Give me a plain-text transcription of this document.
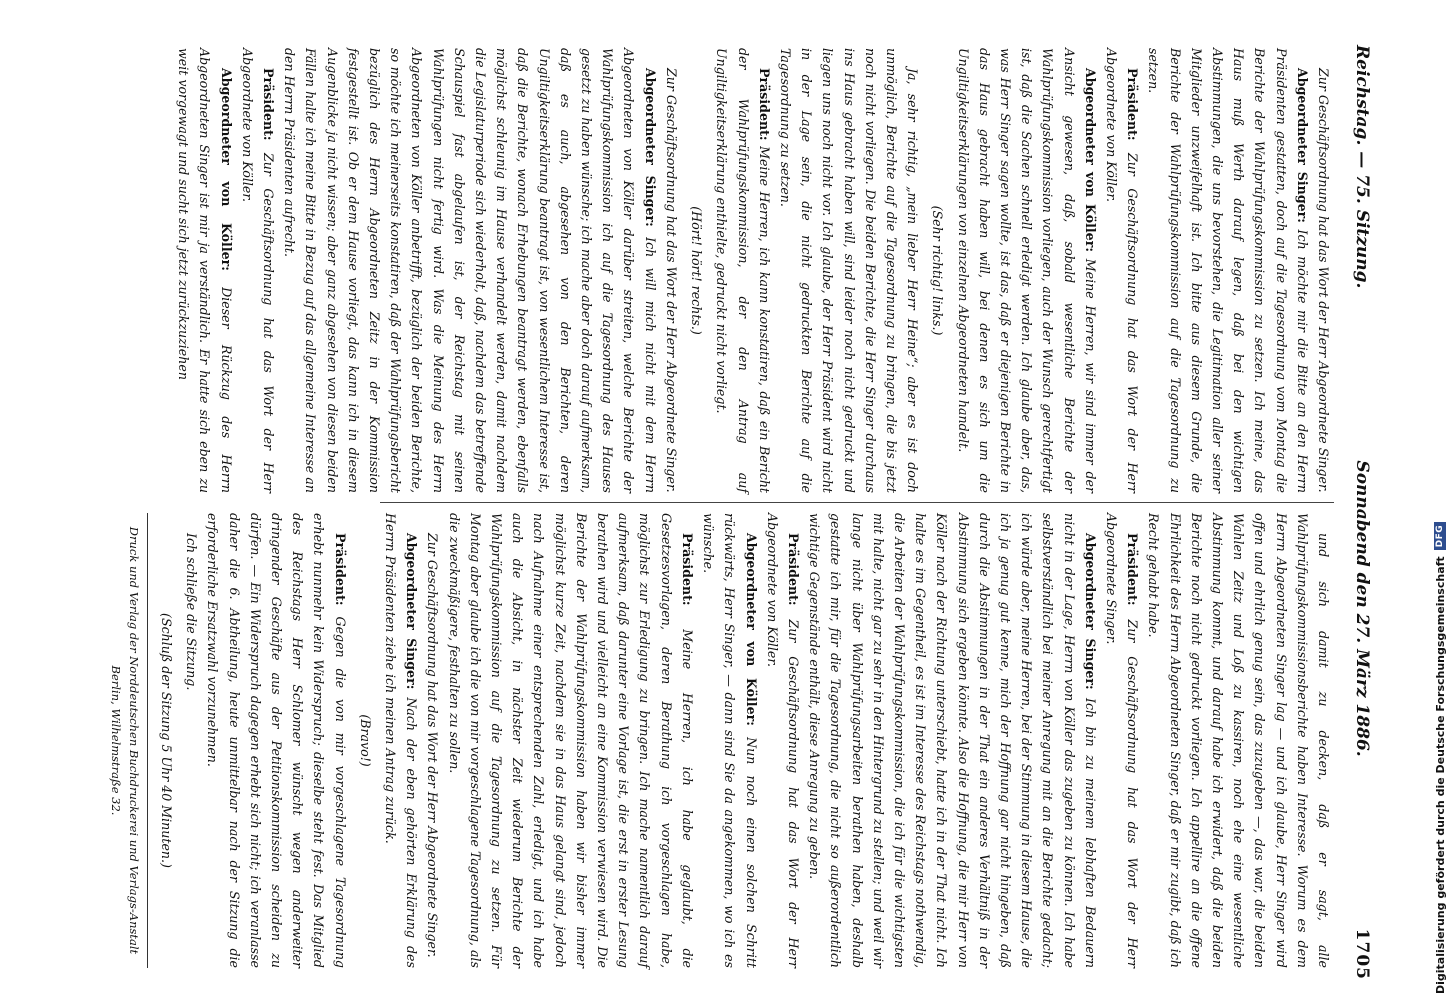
Reichstag. — 75. Sitzung.
Sonnabend den 27. März 1886.
1705

Zur Geschäftsordnung hat das Wort der Herr Abgeordnete Singer.

Abgeordneter Singer: Ich möchte mir die Bitte an den Herrn Präsidenten gestatten, doch auf die Tagesordnung vom Montag die Berichte der Wahlprüfungskommission zu setzen. Ich meine, das Haus muß Werth darauf legen, daß bei den wichtigen Abstimmungen, die uns bevorstehen, die Legitimation aller seiner Mitglieder unzweifelhaft ist. Ich bitte aus diesem Grunde, die Berichte der Wahlprüfungskommission auf die Tagesordnung zu setzen.

Präsident: Zur Geschäftsordnung hat das Wort der Herr Abgeordnete von Köller.

Abgeordneter von Köller: Meine Herren, wir sind immer der Ansicht gewesen, daß, sobald wesentliche Berichte der Wahlprüfungskommission vorliegen, auch der Wunsch gerechtfertigt ist, daß die Sachen schnell erledigt werden. Ich glaube aber, das, was Herr Singer sagen wollte, ist das, daß er diejenigen Berichte in das Haus gebracht haben will, bei denen es sich um die Ungiltigkeitserklärungen von einzelnen Abgeordneten handelt.

(Sehr richtig! links.)

Ja, sehr richtig, „mein lieber Herr Heine“; aber es ist doch unmöglich, Berichte auf die Tagesordnung zu bringen, die bis jetzt noch nicht vorliegen. Die beiden Berichte, die Herr Singer durchaus ins Haus gebracht haben will, sind leider noch nicht gedruckt und liegen uns noch nicht vor. Ich glaube, der Herr Präsident wird nicht in der Lage sein, die nicht gedruckten Berichte auf die Tagesordnung zu setzen.

Präsident: Meine Herren, ich kann konstatiren, daß ein Bericht der Wahlprüfungskommission, der den Antrag auf Ungiltigkeitserklärung enthielte, gedruckt nicht vorliegt.

(Hört! hört! rechts.)

Zur Geschäftsordnung hat das Wort der Herr Abgeordnete Singer.

Abgeordneter Singer: Ich will mich nicht mit dem Herrn Abgeordneten von Köller darüber streiten, welche Berichte der Wahlprüfungskommission ich auf die Tagesordnung des Hauses gesetzt zu haben wünsche; ich mache aber doch darauf aufmerksam, daß es auch, abgesehen von den Berichten, deren Ungiltigkeitserklärung beantragt ist, von wesentlichem Interesse ist, daß die Berichte, wonach Erhebungen beantragt werden, ebenfalls möglichst schleunig im Hause verhandelt werden, damit nachdem die Legislaturperiode sich wiederholt, daß, nachdem das betreffende Schauspiel fast abgelaufen ist, der Reichstag mit seinen Wahlprüfungen nicht fertig wird. Was die Meinung des Herrn Abgeordneten von Köller anbetrifft, bezüglich der beiden Berichte, so möchte ich meinerseits konstatiren, daß der Wahlprüfungsbericht bezüglich des Herrn Abgeordneten Zeitz in der Kommission festgestellt ist. Ob er dem Hause vorliegt, das kann ich in diesem Augenblicke ja nicht wissen; aber ganz abgesehen von diesen beiden Fällen halte ich meine Bitte in Bezug auf das allgemeine Interesse an den Herrn Präsidenten aufrecht.

Präsident: Zur Geschäftsordnung hat das Wort der Herr Abgeordnete von Köller.

Abgeordneter von Köller: Dieser Rückzug des Herrn Abgeordneten Singer ist mir ja verständlich. Er hatte sich eben zu weit vorgewagt und sucht sich jetzt zurückzuziehen

und sich damit zu decken, daß er sagt, alle Wahlprüfungskommissionsberichte haben Interesse. Worum es dem Herrn Abgeordneten Singer lag — und ich glaube, Herr Singer wird offen und ehrlich genug sein, das zuzugeben —, das war, die beiden Wahlen Zeitz und Loß zu kassiren, noch ehe eine wesentliche Abstimmung kommt, und darauf habe ich erwidert, daß die beiden Berichte noch nicht gedruckt vorliegen. Ich appellire an die offene Ehrlichkeit des Herrn Abgeordneten Singer, daß er mir zugibt, daß ich Recht gehabt habe.

Präsident: Zur Geschäftsordnung hat das Wort der Herr Abgeordnete Singer.

Abgeordneter Singer: Ich bin zu meinem lebhaften Bedauern nicht in der Lage, Herrn von Köller das zugeben zu können. Ich habe selbstverständlich bei meiner Anregung mit an die Berichte gedacht; ich würde aber, meine Herren, bei der Stimmung in diesem Hause, die ich ja genug gut kenne, mich der Hoffnung gar nicht hingeben, daß durch die Abstimmungen in der That ein anderes Verhältniß in der Abstimmung sich ergeben könnte. Also die Hoffnung, die mir Herr von Köller nach der Richtung unterschiebt, hatte ich in der That nicht. Ich halte es im Gegentheil, es ist im Interesse des Reichstags nothwendig, die Arbeiten der Wahlprüfungskommission, die ich für die wichtigsten mit halte, nicht gar zu sehr in den Hintergrund zu stellen; und weil wir lange nicht über Wahlprüfungsarbeiten berathen haben, deshalb gestatte ich mir, für die Tagesordnung, die nicht so außerordentlich wichtige Gegenstände enthält, diese Anregung zu geben.

Präsident: Zur Geschäftsordnung hat das Wort der Herr Abgeordnete von Köller.

Abgeordneter von Köller: Nun noch einen solchen Schritt rückwärts, Herr Singer, — dann sind Sie da angekommen, wo ich es wünsche.

Präsident: Meine Herren, ich habe geglaubt, die Gesetzesvorlagen, deren Berathung ich vorgeschlagen habe, möglichst zur Erledigung zu bringen. Ich mache namentlich darauf aufmerksam, daß darunter eine Vorlage ist, die erst in erster Lesung berathen wird und vielleicht an eine Kommission verwiesen wird. Die Berichte der Wahlprüfungskommission haben wir bisher immer möglichst kurze Zeit, nachdem sie in das Haus gelangt sind, jedoch nach Aufnahme einer entsprechenden Zahl, erledigt, und ich habe auch die Absicht, in nächster Zeit wiederum Berichte der Wahlprüfungskommission auf die Tagesordnung zu setzen. Für Montag aber glaube ich die von mir vorgeschlagene Tagesordnung, als die zweckmäßigere, festhalten zu sollen.

Zur Geschäftsordnung hat das Wort der Herr Abgeordnete Singer.

Abgeordneter Singer: Nach der eben gehörten Erklärung des Herrn Präsidenten ziehe ich meinen Antrag zurück.

(Bravo!)

Präsident: Gegen die von mir vorgeschlagene Tagesordnung erhebt nunmehr kein Widerspruch; dieselbe steht fest. Das Mitglied des Reichstags Herr Schlomer wünscht wegen anderweiter dringender Geschäfte aus der Petitionskommission scheiden zu dürfen. — Ein Widerspruch dagegen erhebt sich nicht; ich veranlasse daher die 6. Abtheilung, heute unmittelbar nach der Sitzung die erforderliche Ersatzwahl vorzunehmen.

Ich schließe die Sitzung.

(Schluß der Sitzung 5 Uhr 40 Minuten.)

Druck und Verlag der Norddeutschen Buchdruckerei und Verlags-Anstalt
Berlin, Wilhelmstraße 32.	Digitalisierung gefördert durch die Deutsche Forschungsgemeinschaft
DFG
